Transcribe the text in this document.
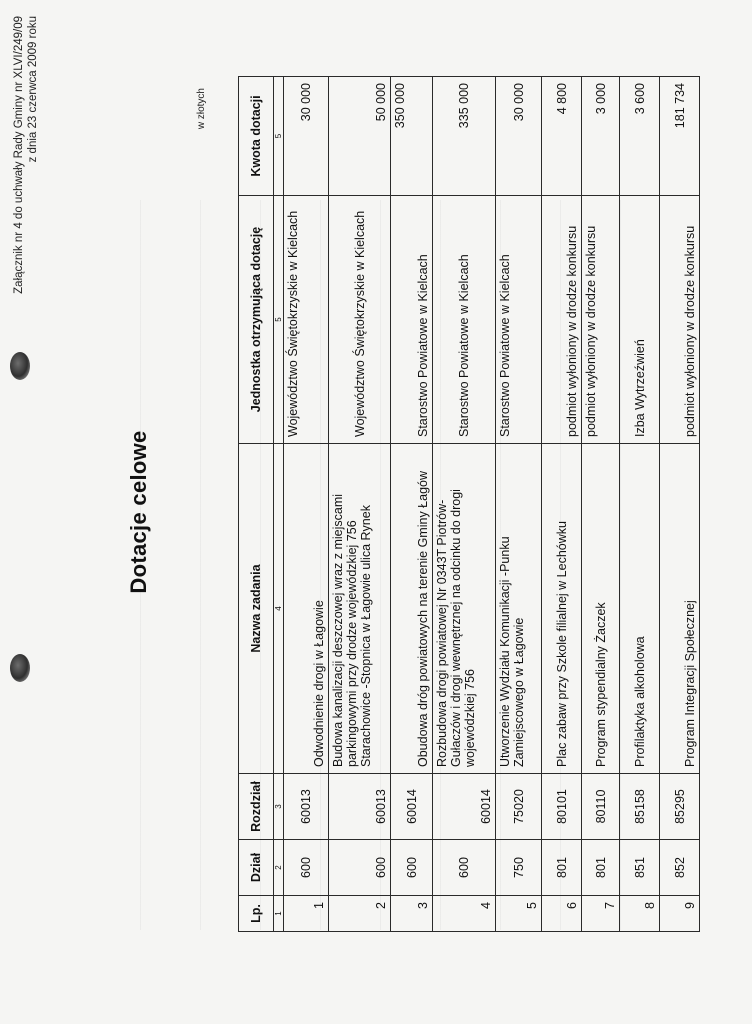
Załącznik nr 4 do uchwały Rady Gminy nr XLVI/249/09 z dnia 23 czerwca 2009 roku
Dotacje celowe
w złotych
Lp.	Dział	Rozdział	Nazwa zadania	Jednostka otrzymująca dotację	Kwota dotacji
1	2	3	4	5	5
1	600	60013	Odwodnienie drogi w Łagowie	Województwo Świętokrzyskie w Kielcach	30 000
2	600	60013	Budowa kanalizacji deszczowej wraz z miejscami parkingowymi przy drodze wojewódzkiej 756 Starachowice -Stopnica w Łagowie ulica Rynek	Województwo Świętokrzyskie w Kielcach	50 000
3	600	60014	Obudowa dróg powiatowych na terenie Gminy Łagów	Starostwo Powiatowe w Kielcach	350 000
4	600	60014	Rozbudowa drogi powiatowej Nr 0343T Piotrów-Gułaczów i drogi wewnętrznej na odcinku do drogi wojewódzkiej 756	Starostwo Powiatowe w Kielcach	335 000
5	750	75020	Utworzenie Wydziału Komunikacji -Punku Zamiejscowego w Łagowie	Starostwo Powiatowe w Kielcach	30 000
6	801	80101	Plac zabaw przy Szkole filialnej w Lechówku	podmiot wyłoniony w drodze konkursu	4 800
7	801	80110	Program stypendialny Żaczek	podmiot wyłoniony w drodze konkursu	3 000
8	851	85158	Profilaktyka alkoholowa	Izba Wytrzeźwień	3 600
9	852	85295	Program Integracji Społecznej	podmiot wyłoniony w drodze konkursu	181 734
